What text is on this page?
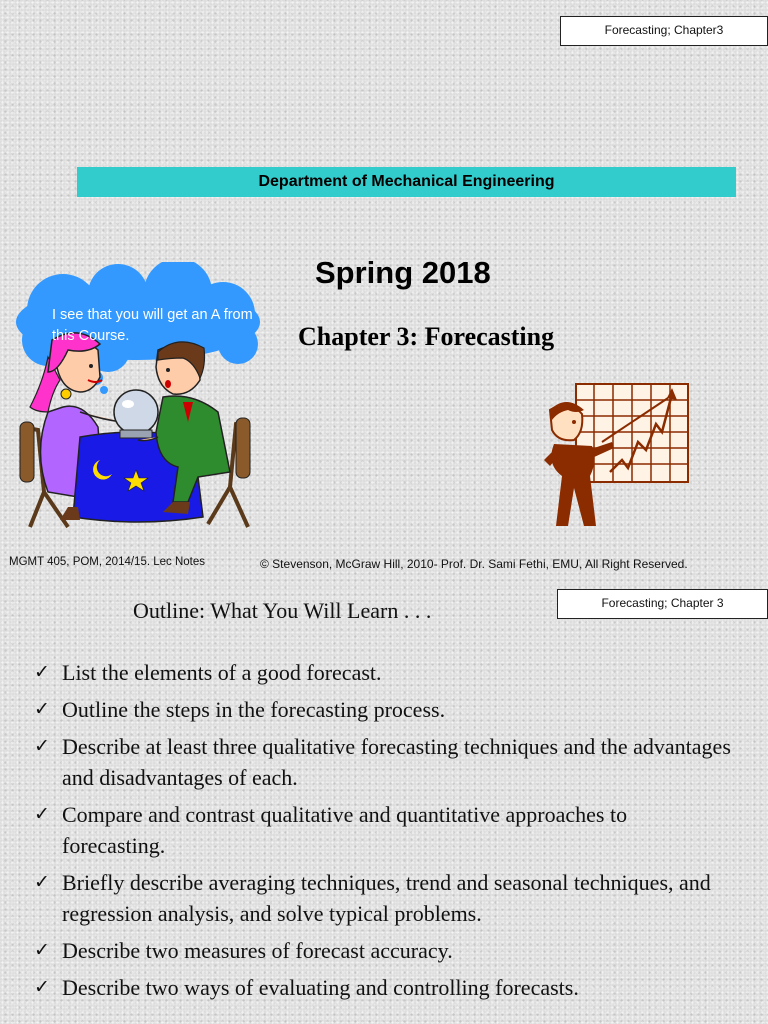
Forecasting; Chapter3
Department of Mechanical Engineering
Spring 2018
Chapter 3: Forecasting
I see that you will get an A from this Course.
MGMT 405, POM, 2014/15. Lec Notes	© Stevenson, McGraw Hill, 2010- Prof. Dr. Sami Fethi, EMU, All Right Reserved.
Forecasting; Chapter 3
Outline: What You Will Learn . . .
✓ List the elements of a good forecast.
✓ Outline the steps in the forecasting process.
✓ Describe at least three qualitative forecasting techniques and the advantages and disadvantages of each.
✓ Compare and contrast qualitative and quantitative approaches to forecasting.
✓ Briefly describe averaging techniques, trend and seasonal techniques, and regression analysis, and solve typical problems.
✓ Describe two measures of forecast accuracy.
✓ Describe two ways of evaluating and controlling forecasts.
